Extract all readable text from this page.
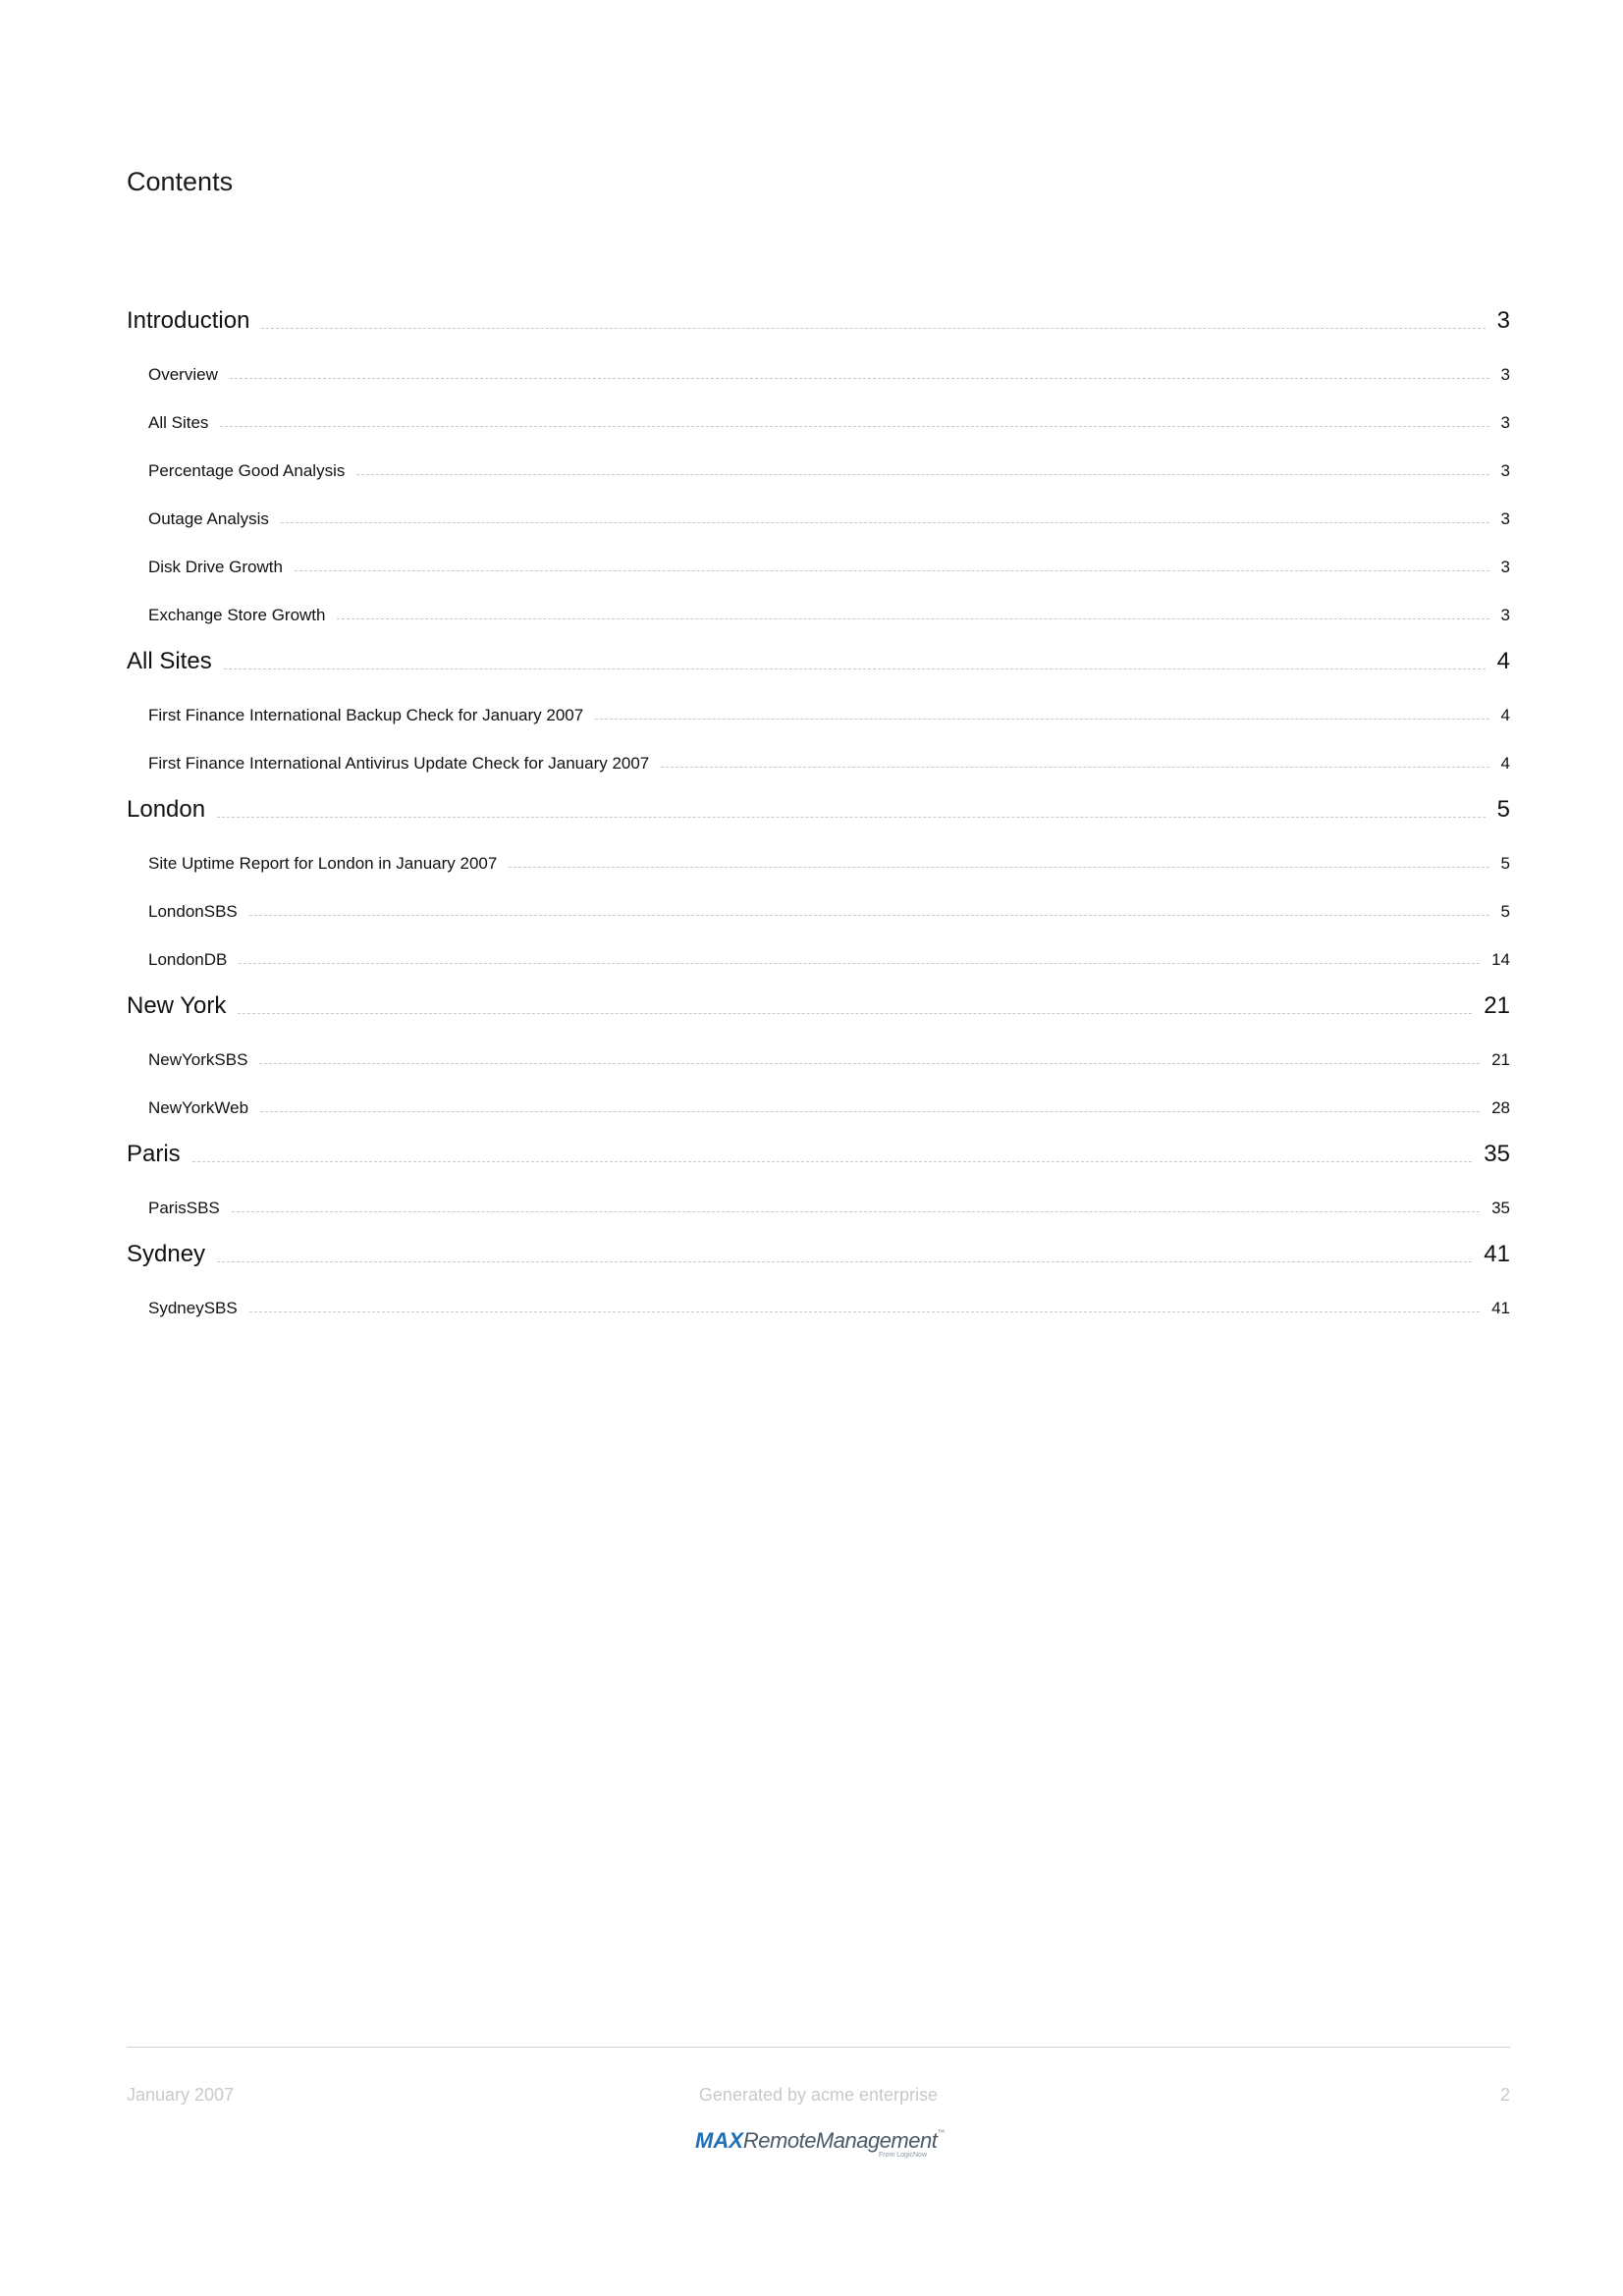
Contents
Introduction	3
Overview	3
All Sites	3
Percentage Good Analysis	3
Outage Analysis	3
Disk Drive Growth	3
Exchange Store Growth	3
All Sites	4
First Finance International Backup Check for January 2007	4
First Finance International Antivirus Update Check for January 2007	4
London	5
Site Uptime Report for London in January 2007	5
LondonSBS	5
LondonDB	14
New York	21
NewYorkSBS	21
NewYorkWeb	28
Paris	35
ParisSBS	35
Sydney	41
SydneySBS	41
January 2007	Generated by acme enterprise	2
MAXRemoteManagement™
From LogicNow
